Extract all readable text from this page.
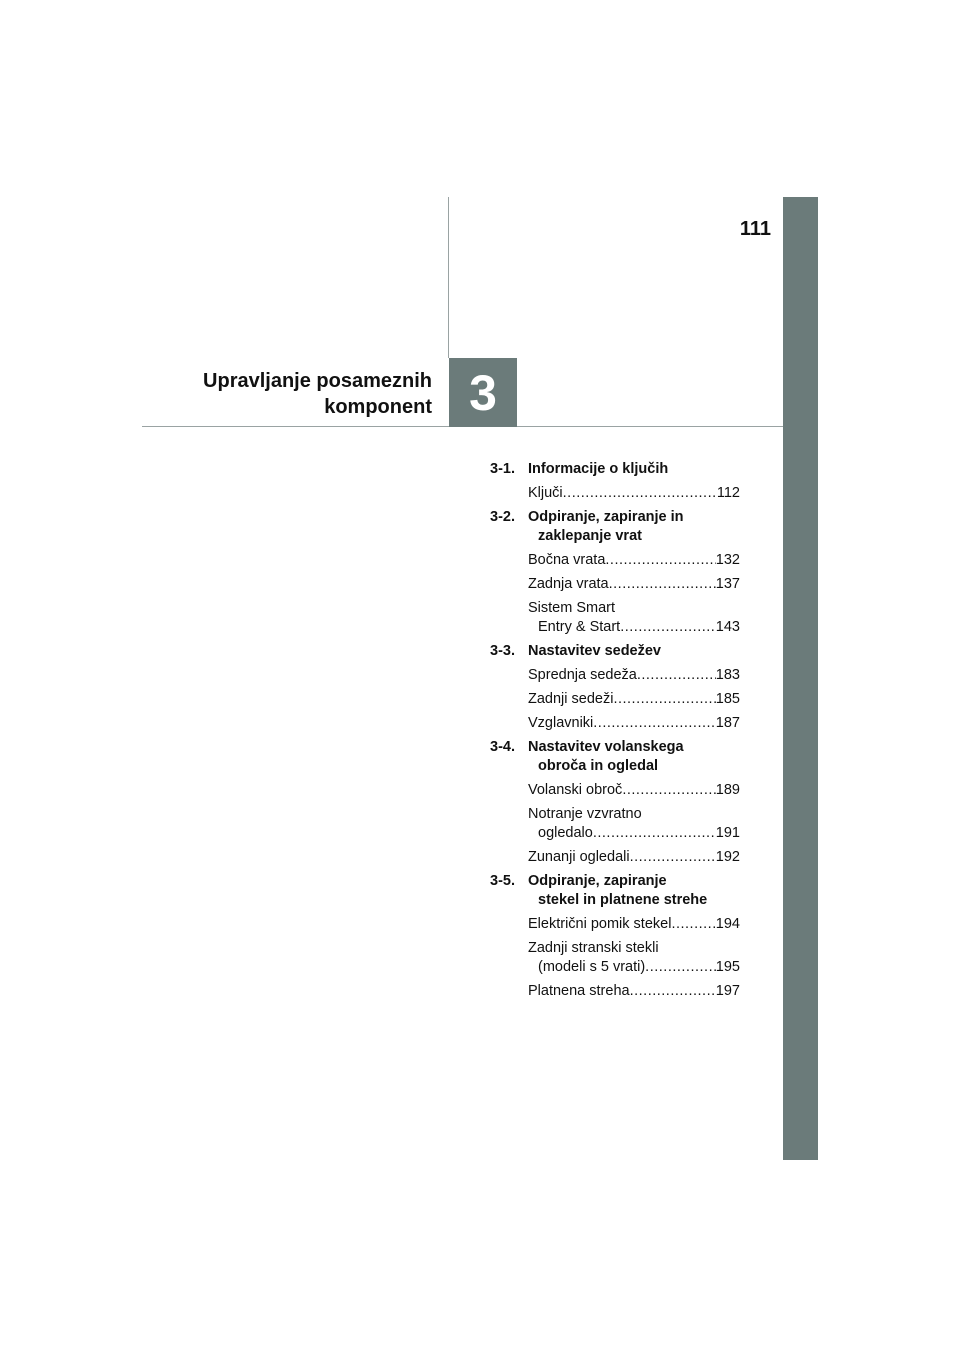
111
3
Upravljanje posameznih
komponent
3-1. Informacije o ključih
Ključi .....	112
3-2. Odpiranje, zapiranje in
zaklepanje vrat
Bočna vrata .....	132
Zadnja vrata .....	137
Sistem Smart
Entry & Start .....	143
3-3. Nastavitev sedežev
Sprednja sedeža .....	183
Zadnji sedeži .....	185
Vzglavniki .....	187
3-4. Nastavitev volanskega
obroča in ogledal
Volanski obroč .....	189
Notranje vzvratno
ogledalo .....	191
Zunanji ogledali .....	192
3-5. Odpiranje, zapiranje
stekel in platnene strehe
Električni pomik stekel .....	194
Zadnji stranski stekli
(modeli s 5 vrati) .....	195
Platnena streha .....	197
